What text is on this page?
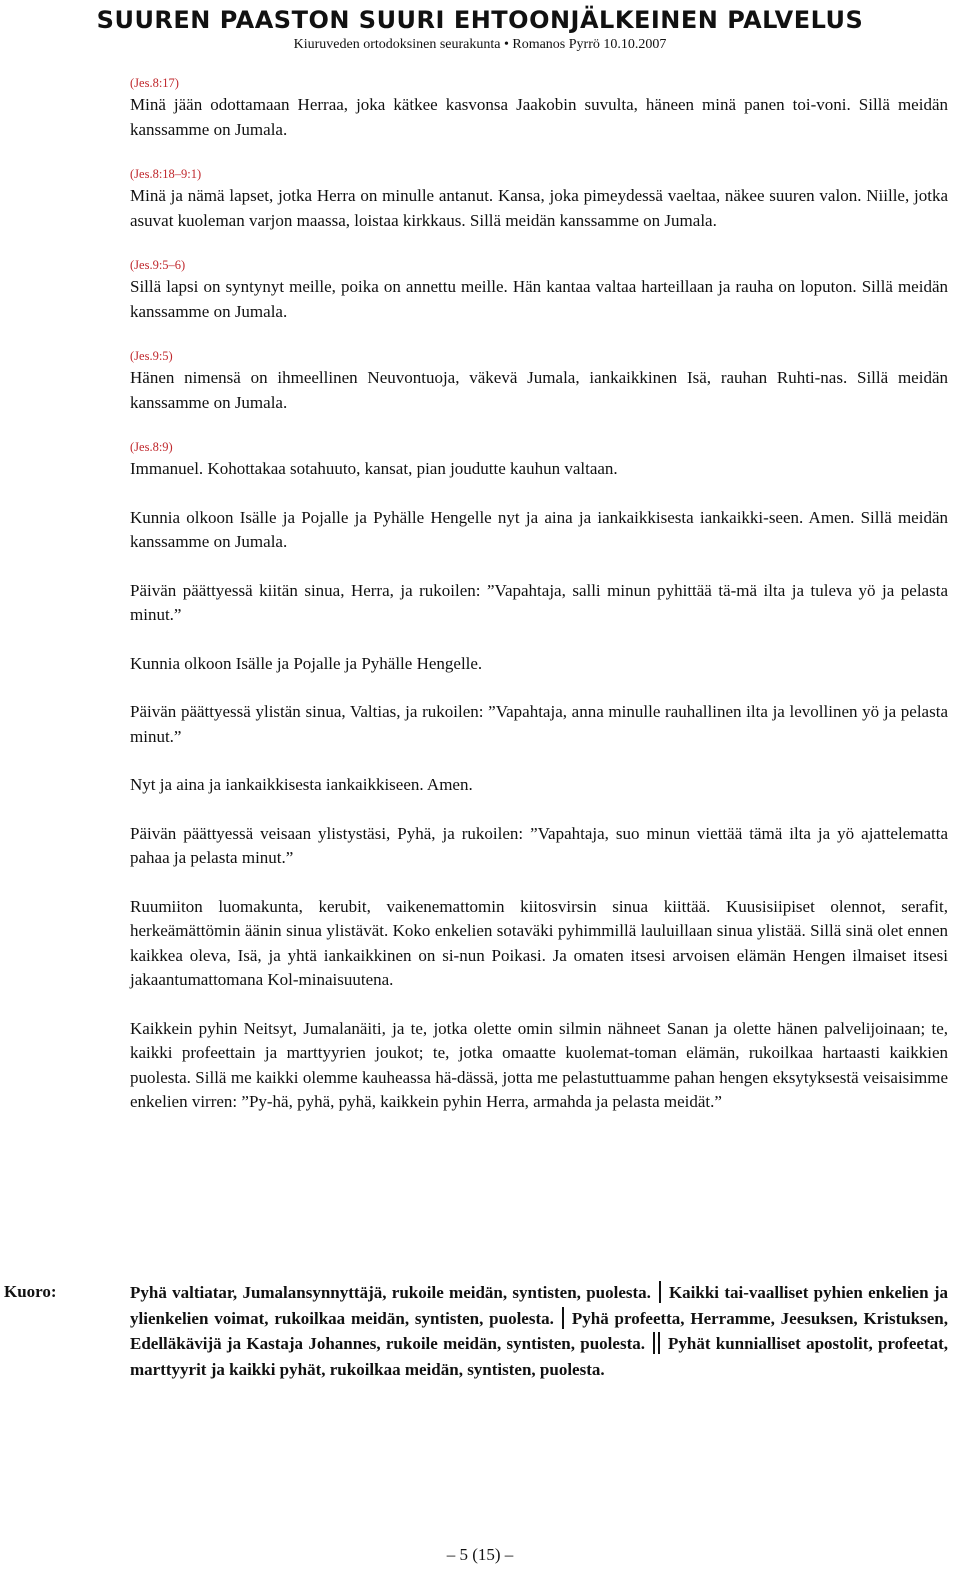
SUUREN PAASTON SUURI EHTOONJÄLKEINEN PALVELUS
Kiuruveden ortodoksinen seurakunta • Romanos Pyrrö 10.10.2007
(Jes.8:17)
Minä jään odottamaan Herraa, joka kätkee kasvonsa Jaakobin suvulta, häneen minä panen toi-voni. Sillä meidän kanssamme on Jumala.
(Jes.8:18–9:1)
Minä ja nämä lapset, jotka Herra on minulle antanut. Kansa, joka pimeydessä vaeltaa, näkee suuren valon. Niille, jotka asuvat kuoleman varjon maassa, loistaa kirkkaus. Sillä meidän kanssamme on Jumala.
(Jes.9:5–6)
Sillä lapsi on syntynyt meille, poika on annettu meille. Hän kantaa valtaa harteillaan ja rauha on loputon. Sillä meidän kanssamme on Jumala.
(Jes.9:5)
Hänen nimensä on ihmeellinen Neuvontuoja, väkevä Jumala, iankaikkinen Isä, rauhan Ruhti-nas. Sillä meidän kanssamme on Jumala.
(Jes.8:9)
Immanuel. Kohottakaa sotahuuto, kansat, pian joudutte kauhun valtaan.
Kunnia olkoon Isälle ja Pojalle ja Pyhälle Hengelle nyt ja aina ja iankaikkisesta iankaikki-seen. Amen. Sillä meidän kanssamme on Jumala.
Päivän päättyessä kiitän sinua, Herra, ja rukoilen: ”Vapahtaja, salli minun pyhittää tä-mä ilta ja tuleva yö ja pelasta minut.”
Kunnia olkoon Isälle ja Pojalle ja Pyhälle Hengelle.
Päivän päättyessä ylistän sinua, Valtias, ja rukoilen: ”Vapahtaja, anna minulle rauhallinen ilta ja levollinen yö ja pelasta minut.”
Nyt ja aina ja iankaikkisesta iankaikkiseen. Amen.
Päivän päättyessä veisaan ylistystäsi, Pyhä, ja rukoilen: ”Vapahtaja, suo minun viettää tämä ilta ja yö ajattelematta pahaa ja pelasta minut.”
Ruumiiton luomakunta, kerubit, vaikenemattomin kiitosvirsin sinua kiittää. Kuusisiipiset olennot, serafit, herkeämättömin äänin sinua ylistävät. Koko enkelien sotaväki pyhimmillä lauluillaan sinua ylistää. Sillä sinä olet ennen kaikkea oleva, Isä, ja yhtä iankaikkinen on si-nun Poikasi. Ja omaten itsesi arvoisen elämän Hengen ilmaiset itsesi jakaantumattomana Kol-minaisuutena.
Kaikkein pyhin Neitsyt, Jumalanäiti, ja te, jotka olette omin silmin nähneet Sanan ja olette hänen palvelijoinaan; te, kaikki profeettain ja marttyyrien joukot; te, jotka omaatte kuolemat-toman elämän, rukoilkaa hartaasti kaikkien puolesta. Sillä me kaikki olemme kauheassa hä-dässä, jotta me pelastuttuamme pahan hengen eksytyksestä veisaisimme enkelien virren: ”Py-hä, pyhä, pyhä, kaikkein pyhin Herra, armahda ja pelasta meidät.”
Kuoro:	Pyhä valtiatar, Jumalansynnyttäjä, rukoile meidän, syntisten, puolesta. Kaikki tai-vaalliset pyhien enkelien ja ylienkelien voimat, rukoilkaa meidän, syntisten, puolesta. Pyhä profeetta, Herramme, Jeesuksen, Kristuksen, Edelläkävijä ja Kastaja Johannes, rukoile meidän, syntisten, puolesta. Pyhät kunnialliset apostolit, profeetat, marttyyrit ja kaikki pyhät, rukoilkaa meidän, syntisten, puolesta.
– 5 (15) –
